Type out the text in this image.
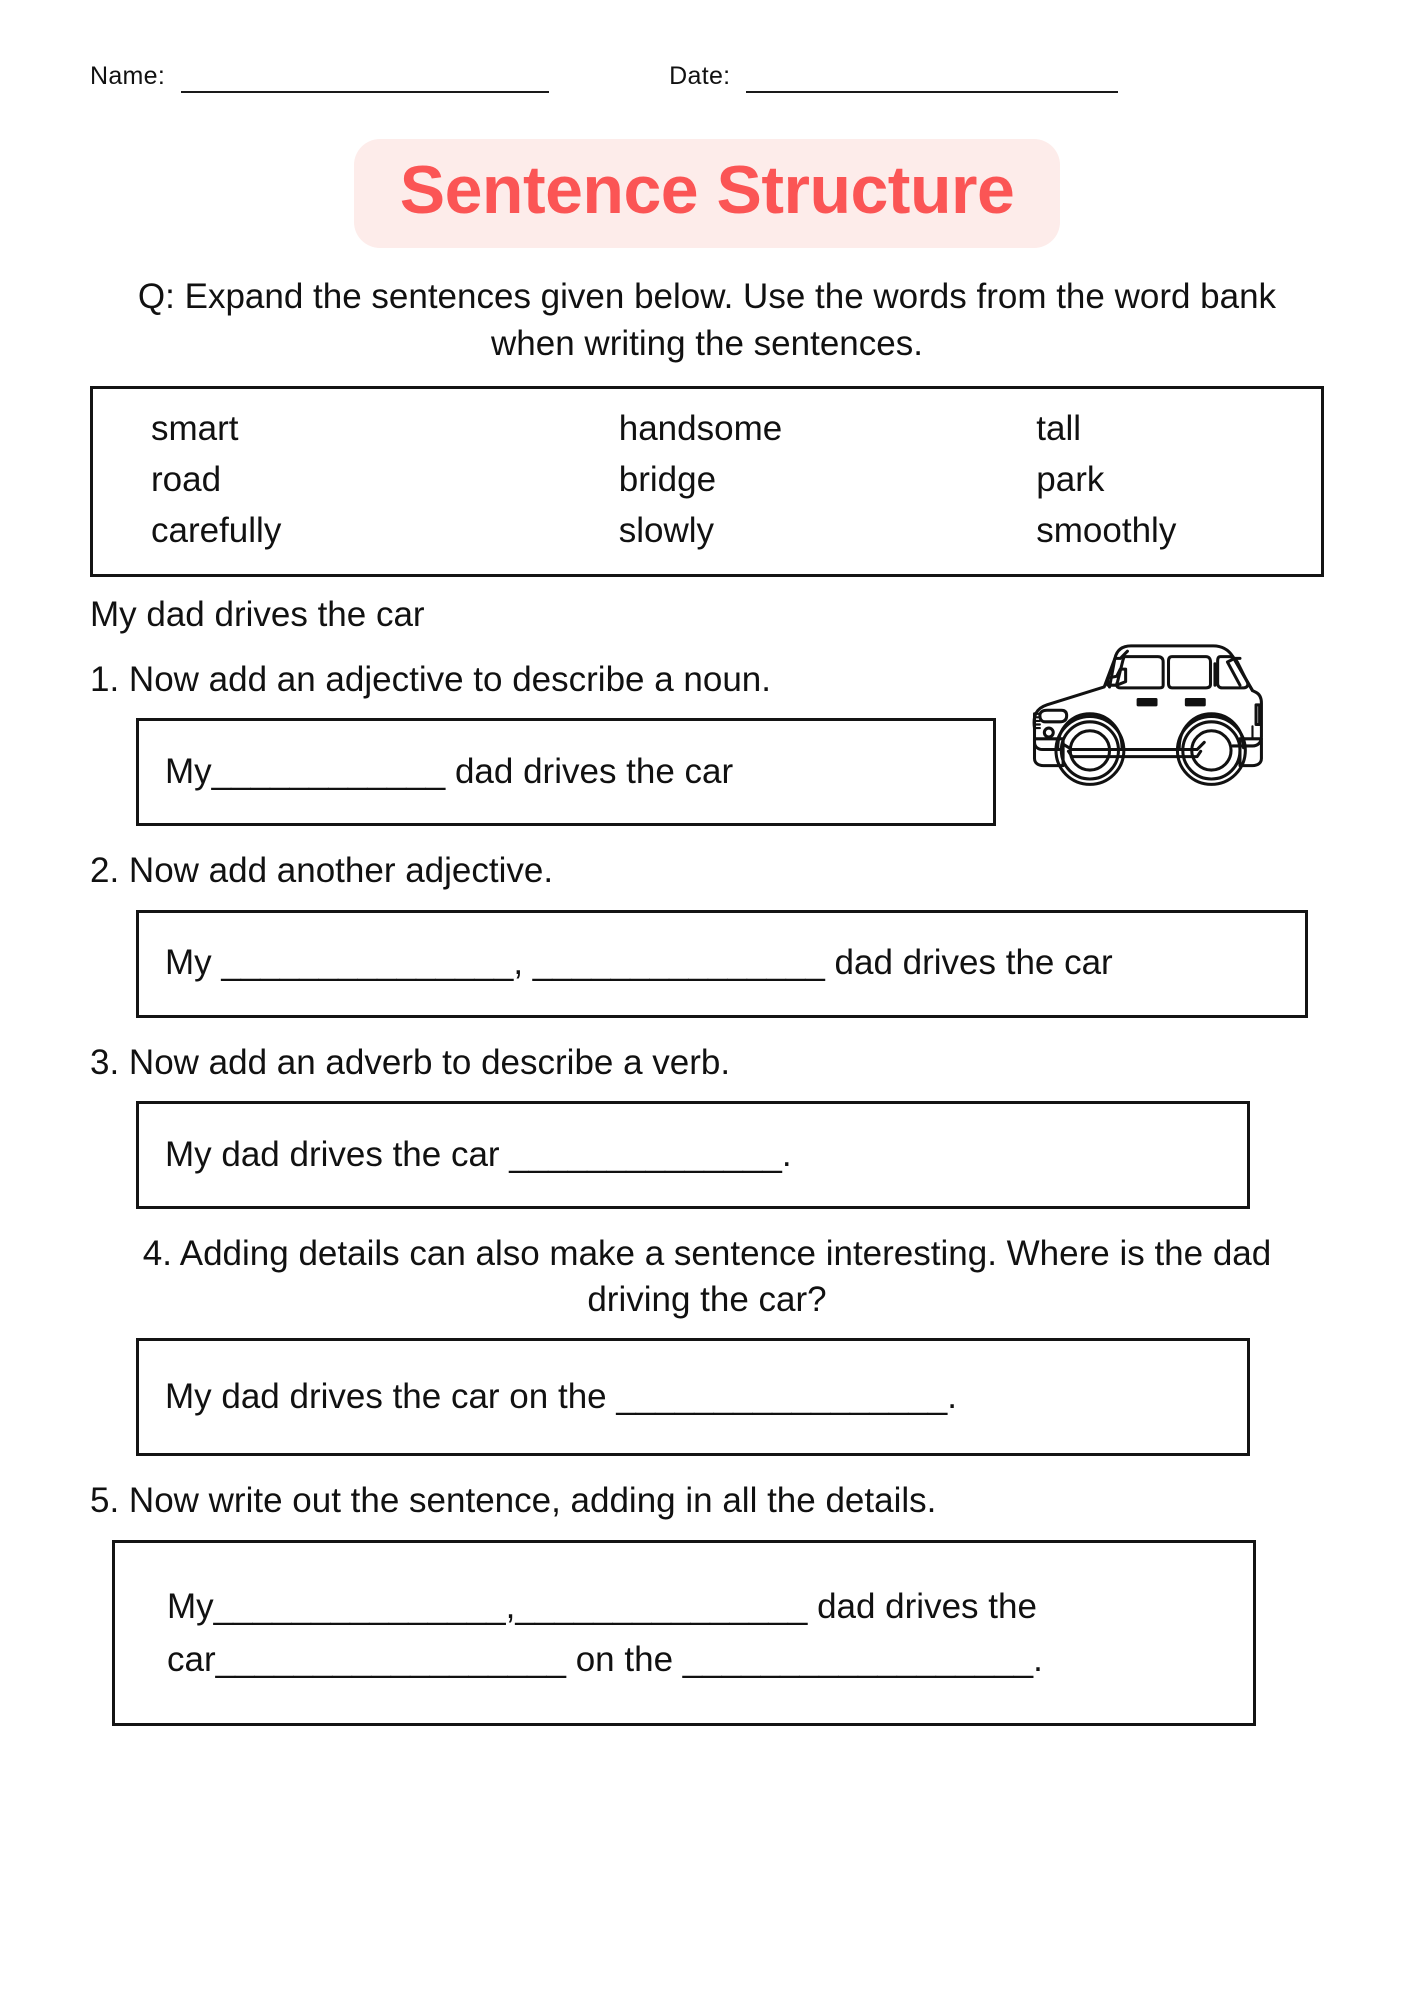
Name:	Date:
Sentence Structure
Q: Expand the sentences given below. Use the words from the word bank when writing the sentences.
smart	handsome	tall
road	bridge	park
carefully	slowly	smoothly
My dad drives the car
1. Now add an adjective to describe a noun.
My____________ dad drives the car
2. Now add another adjective.
My _______________, _______________ dad drives the car
3. Now add an adverb to describe a verb.
My dad drives the car ______________.
4. Adding details can also make a sentence interesting. Where is the dad driving the car?
My dad drives the car on the _________________.
5. Now write out the sentence, adding in all the details.
My_______________,_______________ dad drives the
car__________________ on the __________________.
